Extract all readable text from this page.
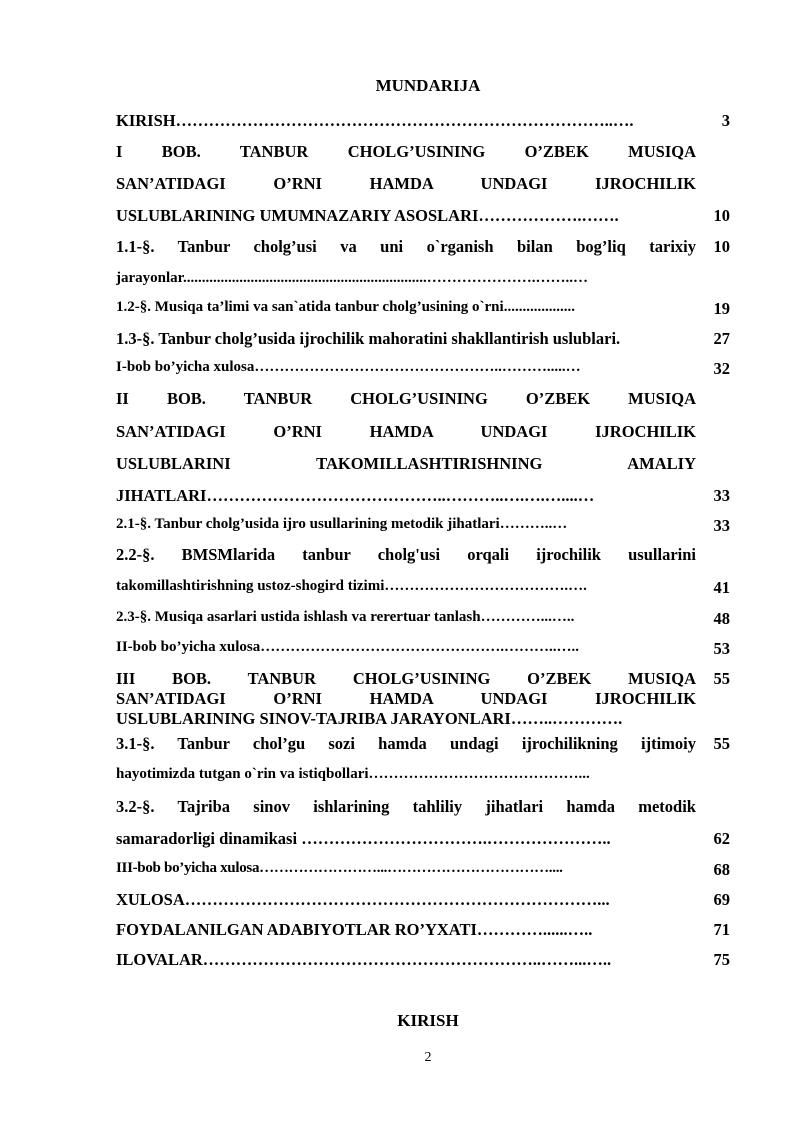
MUNDARIJA
KIRISH……………………………………………………………………..….	3
I BOB. TANBUR CHOLG’USINING O’ZBEK MUSIQA
SAN’ATIDAGI O’RNI HAMDA UNDAGI IJROCHILIK
USLUBLARINING UMUMNAZARIY ASOSLARI……………….…….	10
1.1-§. Tanbur cholg’usi va uni o`rganish bilan bog’liq tarixiy	10
jarayonlar.................................................................………………….……..…
1.2-§. Musiqa ta’limi va san`atida tanbur cholg’usining o`rni...................	19
1.3-§. Tanbur cholg’usida ijrochilik mahoratini shakllantirish uslublari.	27
I-bob bo’yicha xulosa…………………………………………..……….....…	32
II BOB. TANBUR CHOLG’USINING O’ZBEK MUSIQA
SAN’ATIDAGI O’RNI HAMDA UNDAGI IJROCHILIK
USLUBLARINI TAKOMILLASHTIRISHNING AMALIY
JIHATLARI……………………………………..………..….….…....…	33
2.1-§. Tanbur cholg’usida ijro usullarining metodik jihatlari………..…	33
2.2-§. BMSMlarida tanbur cholg'usi orqali ijrochilik usullarini
takomillashtirishning ustoz-shogird tizimi……………………………….….	41
2.3-§. Musiqa asarlari ustida ishlash va rerertuar tanlash…………...…..	48
II-bob bo’yicha xulosa………………………………………….………..…..	53
III BOB. TANBUR CHOLG’USINING O’ZBEK MUSIQA	55
SAN’ATIDAGI O’RNI HAMDA UNDAGI IJROCHILIK
USLUBLARINING SINOV-TAJRIBA JARAYONLARI……..………….
3.1-§. Tanbur chol’gu sozi hamda undagi ijrochilikning ijtimoiy	55
hayotimizda tutgan o`rin va istiqbollari……………………………………...
3.2-§. Tajriba sinov ishlarining tahliliy jihatlari hamda metodik
samaradorligi dinamikasi …………………………….…………………..	62
III-bob bo’yicha xulosa……………………...……………………………....	68
XULOSA…………………………………………………………………...	69
FOYDALANILGAN ADABIYOTLAR RO’YXATI…………......…..	71
ILOVALAR……………………………………………………..……...…..	75
KIRISH
2
